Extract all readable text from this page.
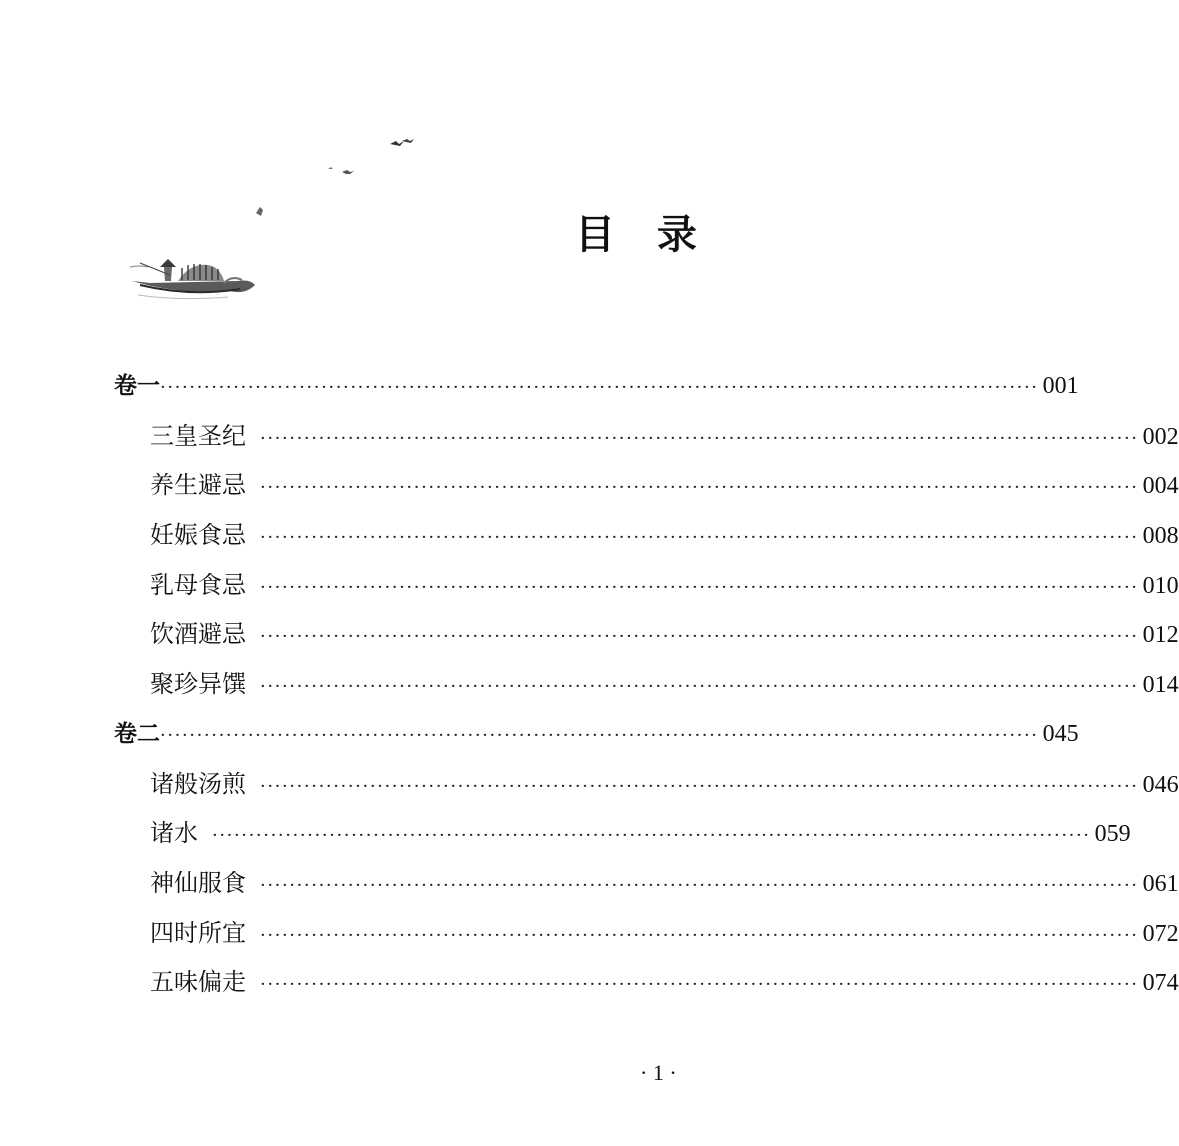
目 录
卷一 ························································································································ 001
三皇圣纪 ························································································································ 002
养生避忌 ························································································································ 004
妊娠食忌 ························································································································ 008
乳母食忌 ························································································································ 010
饮酒避忌 ························································································································ 012
聚珍异馔 ························································································································ 014
卷二 ························································································································ 045
诸般汤煎 ························································································································ 046
诸水 ························································································································ 059
神仙服食 ························································································································ 061
四时所宜 ························································································································ 072
五味偏走 ························································································································ 074
· 1 ·
